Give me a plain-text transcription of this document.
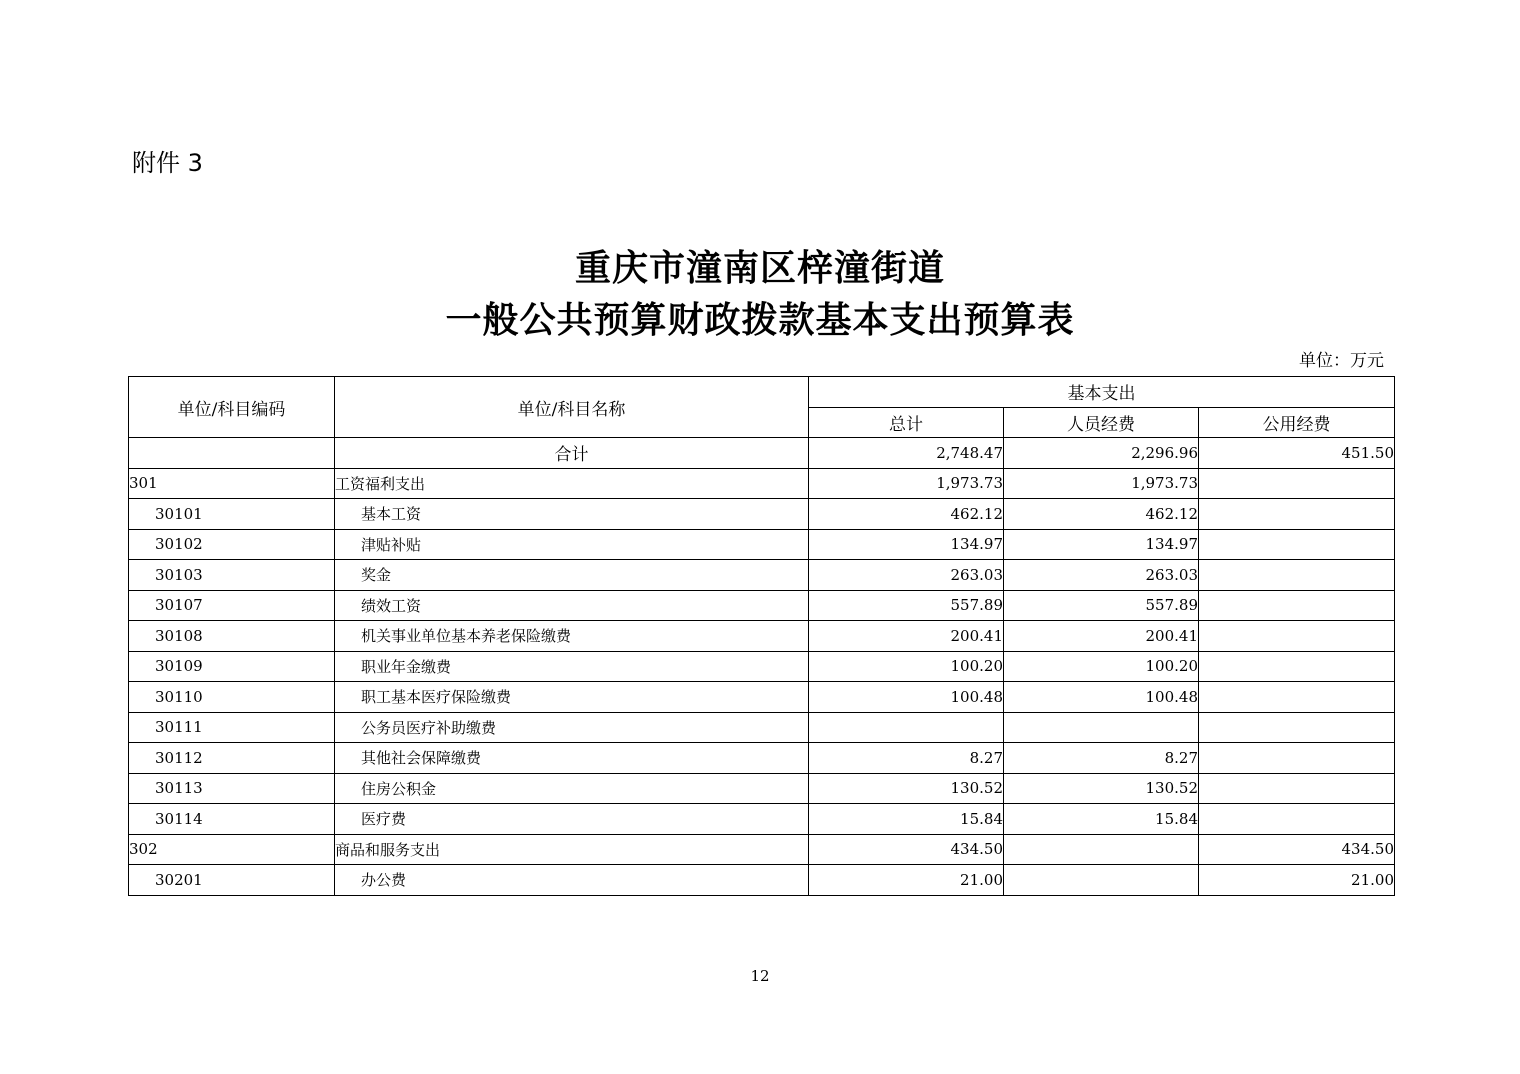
附件 3
重庆市潼南区梓潼街道
一般公共预算财政拨款基本支出预算表
单位：万元
单位/科目编码	单位/科目名称	基本支出		
		总计	人员经费	公用经费
	合计	2,748.47	2,296.96	451.50
301	工资福利支出	1,973.73	1,973.73	
30101	基本工资	462.12	462.12	
30102	津贴补贴	134.97	134.97	
30103	奖金	263.03	263.03	
30107	绩效工资	557.89	557.89	
30108	机关事业单位基本养老保险缴费	200.41	200.41	
30109	职业年金缴费	100.20	100.20	
30110	职工基本医疗保险缴费	100.48	100.48	
30111	公务员医疗补助缴费			
30112	其他社会保障缴费	8.27	8.27	
30113	住房公积金	130.52	130.52	
30114	医疗费	15.84	15.84	
302	商品和服务支出	434.50		434.50
30201	办公费	21.00		21.00
12
